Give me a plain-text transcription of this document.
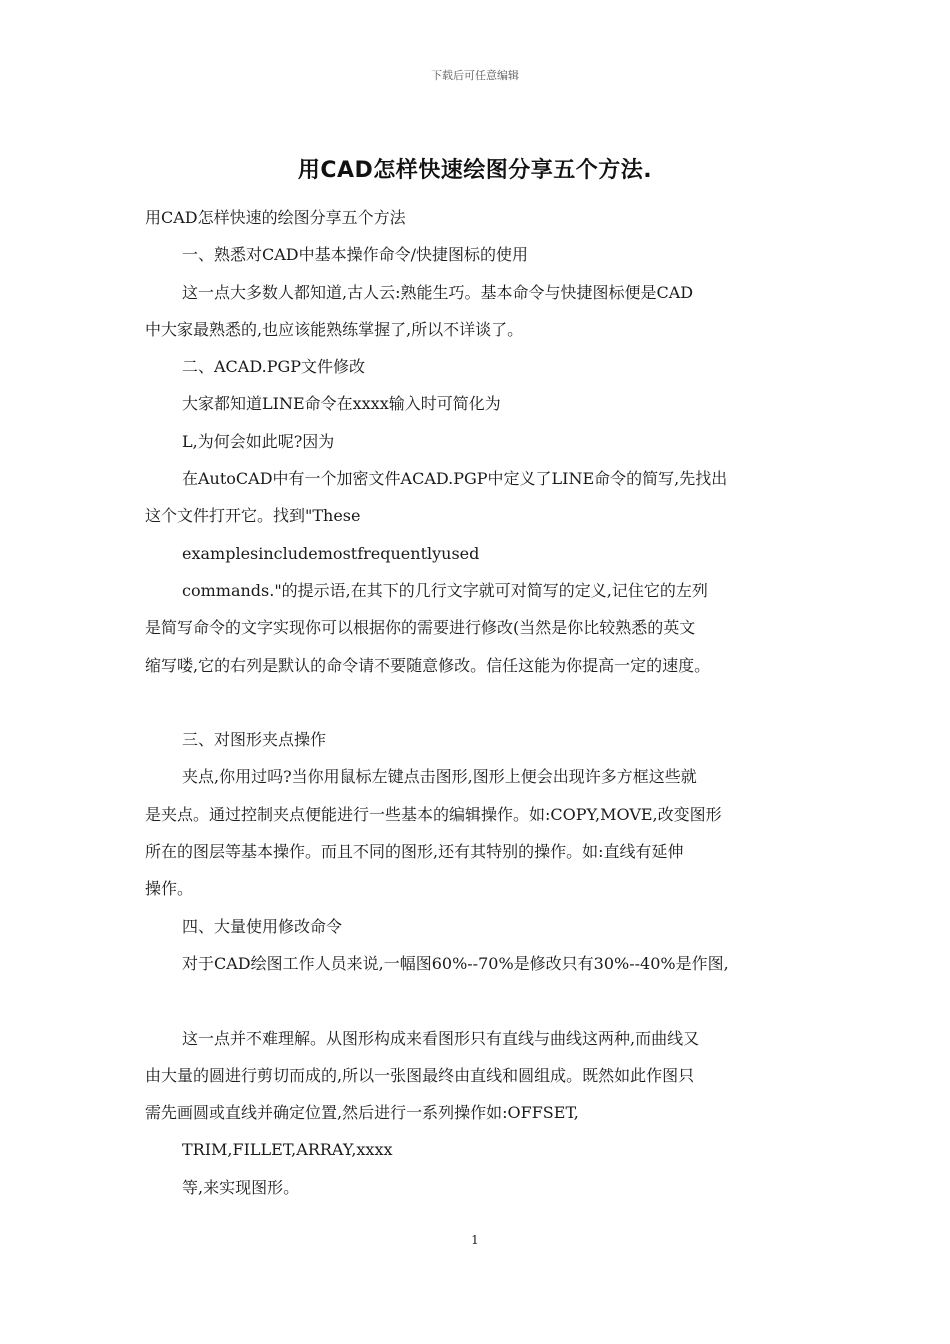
下载后可任意编辑
用CAD怎样快速绘图分享五个方法.

用CAD怎样快速的绘图分享五个方法

一、熟悉对CAD中基本操作命令/快捷图标的使用

这一点大多数人都知道,古人云:熟能生巧。基本命令与快捷图标便是CAD

中大家最熟悉的,也应该能熟练掌握了,所以不详谈了。

二、ACAD.PGP文件修改

大家都知道LINE命令在xxxx输入时可简化为

L,为何会如此呢?因为

在AutoCAD中有一个加密文件ACAD.PGP中定义了LINE命令的简写,先找出

这个文件打开它。找到"These

examplesincludemostfrequentlyused

commands."的提示语,在其下的几行文字就可对简写的定义,记住它的左列

是简写命令的文字实现你可以根据你的需要进行修改(当然是你比较熟悉的英文

缩写喽,它的右列是默认的命令请不要随意修改。信任这能为你提高一定的速度。

三、对图形夹点操作

夹点,你用过吗?当你用鼠标左键点击图形,图形上便会出现许多方框这些就

是夹点。通过控制夹点便能进行一些基本的编辑操作。如:COPY,MOVE,改变图形

所在的图层等基本操作。而且不同的图形,还有其特别的操作。如:直线有延伸

操作。

四、大量使用修改命令

对于CAD绘图工作人员来说,一幅图60%--70%是修改只有30%--40%是作图,

这一点并不难理解。从图形构成来看图形只有直线与曲线这两种,而曲线又

由大量的圆进行剪切而成的,所以一张图最终由直线和圆组成。既然如此作图只

需先画圆或直线并确定位置,然后进行一系列操作如:OFFSET,

TRIM,FILLET,ARRAY,xxxx

等,来实现图形。

1
